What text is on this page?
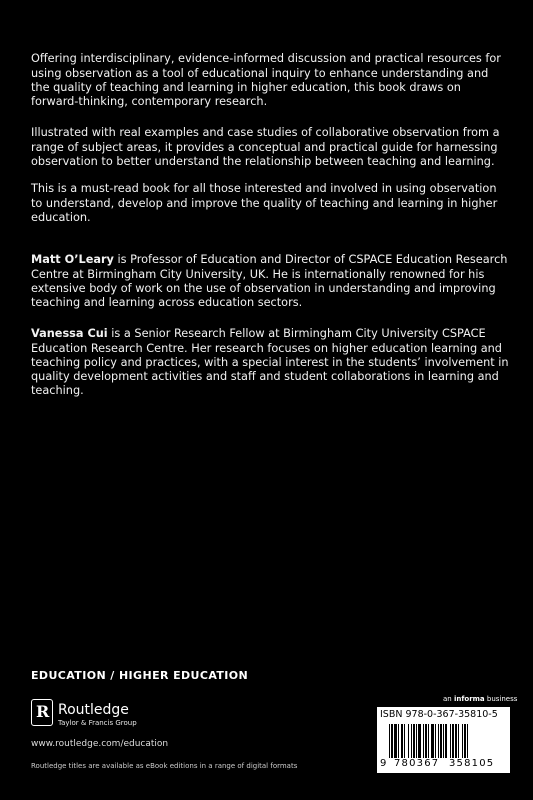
Offering interdisciplinary, evidence-informed discussion and practical resources for using observation as a tool of educational inquiry to enhance understanding and the quality of teaching and learning in higher education, this book draws on forward-thinking, contemporary research.

Illustrated with real examples and case studies of collaborative observation from a range of subject areas, it provides a conceptual and practical guide for harnessing observation to better understand the relationship between teaching and learning.

This is a must-read book for all those interested and involved in using observation to understand, develop and improve the quality of teaching and learning in higher education.

Matt O’Leary is Professor of Education and Director of CSPACE Education Research Centre at Birmingham City University, UK. He is internationally renowned for his extensive body of work on the use of observation in understanding and improving teaching and learning across education sectors.

Vanessa Cui is a Senior Research Fellow at Birmingham City University CSPACE Education Research Centre. Her research focuses on higher education learning and teaching policy and practices, with a special interest in the students’ involvement in quality development activities and staff and student collaborations in learning and teaching.

EDUCATION / HIGHER EDUCATION
R Routledge
Taylor & Francis Group
www.routledge.com/education
Routledge titles are available as eBook editions in a range of digital formats
an informa business
ISBN 978-0-367-35810-5
9 780367 358105
